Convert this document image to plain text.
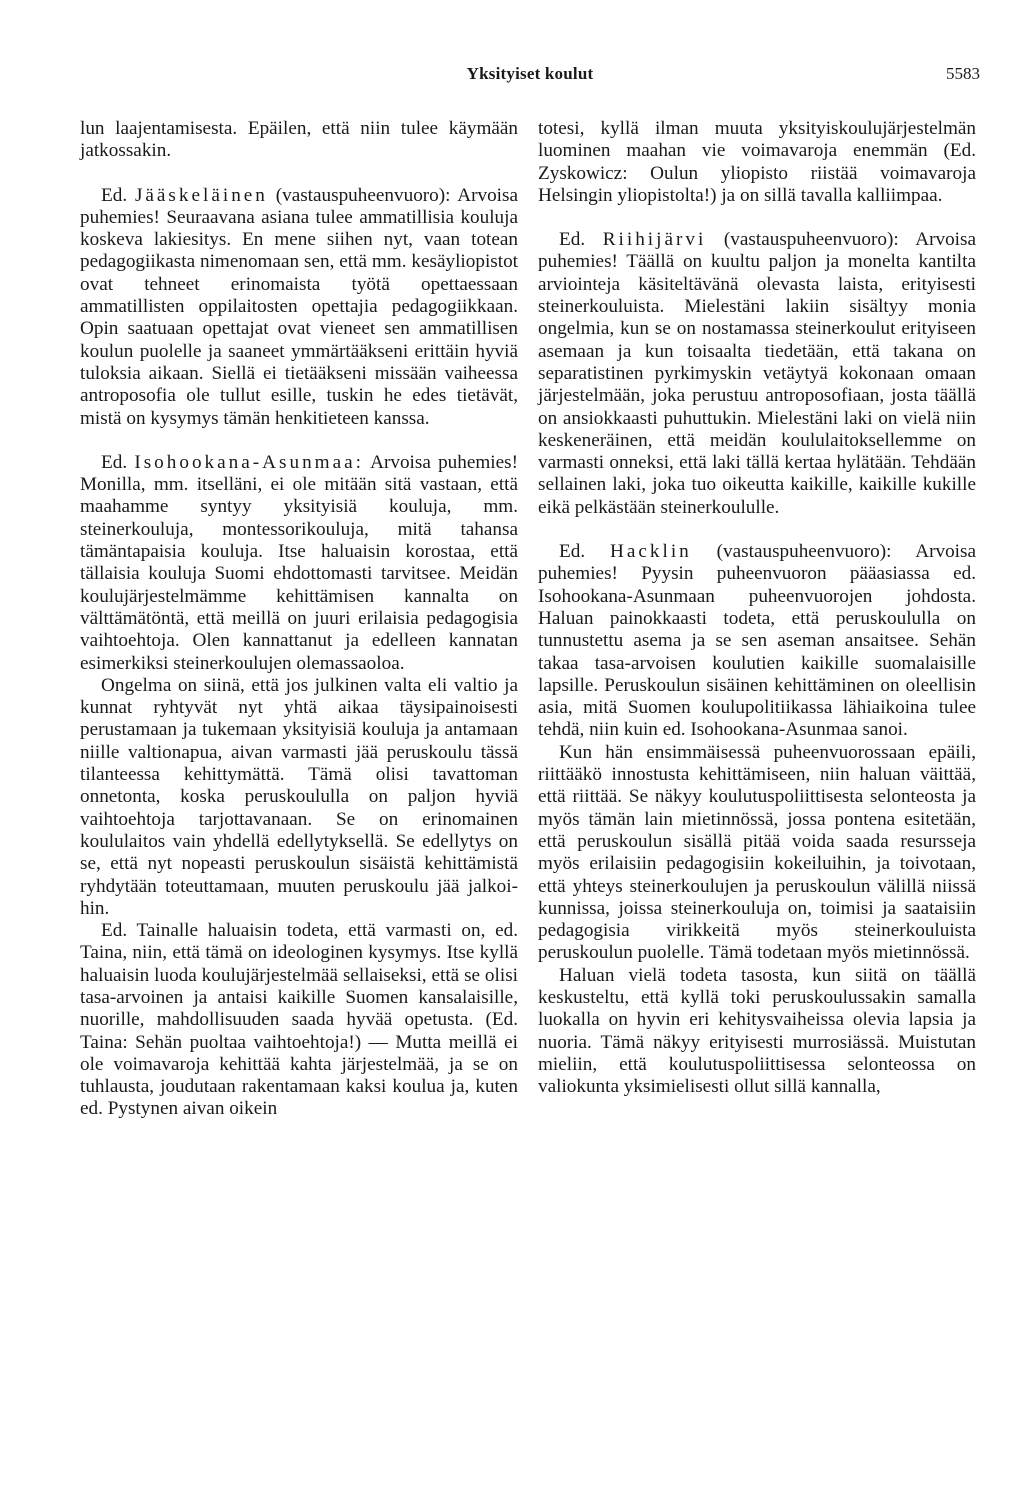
Yksityiset koulut	5583

lun laajentamisesta. Epäilen, että niin tulee käymään jatkossakin.

Ed. Jääskeläinen (vastauspuheenvuoro): Arvoisa puhemies! Seuraavana asiana tulee ammatillisia kouluja koskeva lakiesitys. En mene siihen nyt, vaan totean pedagogiikasta nimenomaan sen, että mm. kesäyliopistot ovat tehneet erinomaista työtä opettaessaan ammatillisten oppilaitosten opettajia pedagogiikkaan. Opin saatuaan opettajat ovat vieneet sen ammatillisen koulun puolelle ja saaneet ymmärtääkseni erittäin hyviä tuloksia aikaan. Siellä ei tietääkseni missään vaiheessa antroposofia ole tullut esille, tuskin he edes tietävät, mistä on kysymys tämän henkitieteen kanssa.

Ed. Isohookana-Asunmaa: Arvoisa puhemies! Monilla, mm. itselläni, ei ole mitään sitä vastaan, että maahamme syntyy yksityisiä kouluja, mm. steinerkouluja, montessorikouluja, mitä tahansa tämäntapaisia kouluja. Itse haluaisin korostaa, että tällaisia kouluja Suomi ehdottomasti tarvitsee. Meidän koulujärjestelmämme kehittämisen kannalta on välttämätöntä, että meillä on juuri erilaisia pedagogisia vaihtoehtoja. Olen kannattanut ja edelleen kannatan esimerkiksi steinerkoulujen olemassaoloa.

Ongelma on siinä, että jos julkinen valta eli valtio ja kunnat ryhtyvät nyt yhtä aikaa täysipainoisesti perustamaan ja tukemaan yksityisiä kouluja ja antamaan niille valtionapua, aivan varmasti jää peruskoulu tässä tilanteessa kehittymättä. Tämä olisi tavattoman onnetonta, koska peruskoululla on paljon hyviä vaihtoehtoja tarjottavanaan. Se on erinomainen koululaitos vain yhdellä edellytyksellä. Se edellytys on se, että nyt nopeasti peruskoulun sisäistä kehittämistä ryhdytään toteuttamaan, muuten peruskoulu jää jalkoihin.

Ed. Tainalle haluaisin todeta, että varmasti on, ed. Taina, niin, että tämä on ideologinen kysymys. Itse kyllä haluaisin luoda koulujärjestelmää sellaiseksi, että se olisi tasa-arvoinen ja antaisi kaikille Suomen kansalaisille, nuorille, mahdollisuuden saada hyvää opetusta. (Ed. Taina: Sehän puoltaa vaihtoehtoja!) — Mutta meillä ei ole voimavaroja kehittää kahta järjestelmää, ja se on tuhlausta, joudutaan rakentamaan kaksi koulua ja, kuten ed. Pystynen aivan oikein

totesi, kyllä ilman muuta yksityiskoulujärjestelmän luominen maahan vie voimavaroja enemmän (Ed. Zyskowicz: Oulun yliopisto riistää voimavaroja Helsingin yliopistolta!) ja on sillä tavalla kalliimpaa.

Ed. Riihijärvi (vastauspuheenvuoro): Arvoisa puhemies! Täällä on kuultu paljon ja monelta kantilta arviointeja käsiteltävänä olevasta laista, erityisesti steinerkouluista. Mielestäni lakiin sisältyy monia ongelmia, kun se on nostamassa steinerkoulut erityiseen asemaan ja kun toisaalta tiedetään, että takana on separatistinen pyrkimyskin vetäytyä kokonaan omaan järjestelmään, joka perustuu antroposofiaan, josta täällä on ansiokkaasti puhuttukin. Mielestäni laki on vielä niin keskeneräinen, että meidän koululaitoksellemme on varmasti onneksi, että laki tällä kertaa hylätään. Tehdään sellainen laki, joka tuo oikeutta kaikille, kaikille kukille eikä pelkästään steinerkoululle.

Ed. Hacklin (vastauspuheenvuoro): Arvoisa puhemies! Pyysin puheenvuoron pääasiassa ed. Isohookana-Asunmaan puheenvuorojen johdosta. Haluan painokkaasti todeta, että peruskoululla on tunnustettu asema ja se sen aseman ansaitsee. Sehän takaa tasa-arvoisen koulutien kaikille suomalaisille lapsille. Peruskoulun sisäinen kehittäminen on oleellisin asia, mitä Suomen koulupolitiikassa lähiaikoina tulee tehdä, niin kuin ed. Isohookana-Asunmaa sanoi.

Kun hän ensimmäisessä puheenvuorossaan epäili, riittääkö innostusta kehittämiseen, niin haluan väittää, että riittää. Se näkyy koulutuspoliittisesta selonteosta ja myös tämän lain mietinnössä, jossa pontena esitetään, että peruskoulun sisällä pitää voida saada resursseja myös erilaisiin pedagogisiin kokeiluihin, ja toivotaan, että yhteys steinerkoulujen ja peruskoulun välillä niissä kunnissa, joissa steinerkouluja on, toimisi ja saataisiin pedagogisia virikkeitä myös steinerkouluista peruskoulun puolelle. Tämä todetaan myös mietinnössä.

Haluan vielä todeta tasosta, kun siitä on täällä keskusteltu, että kyllä toki peruskoulussakin samalla luokalla on hyvin eri kehitysvaiheissa olevia lapsia ja nuoria. Tämä näkyy erityisesti murrosiässä. Muistutan mieliin, että koulutuspoliittisessa selonteossa on valiokunta yksimielisesti ollut sillä kannalla,
